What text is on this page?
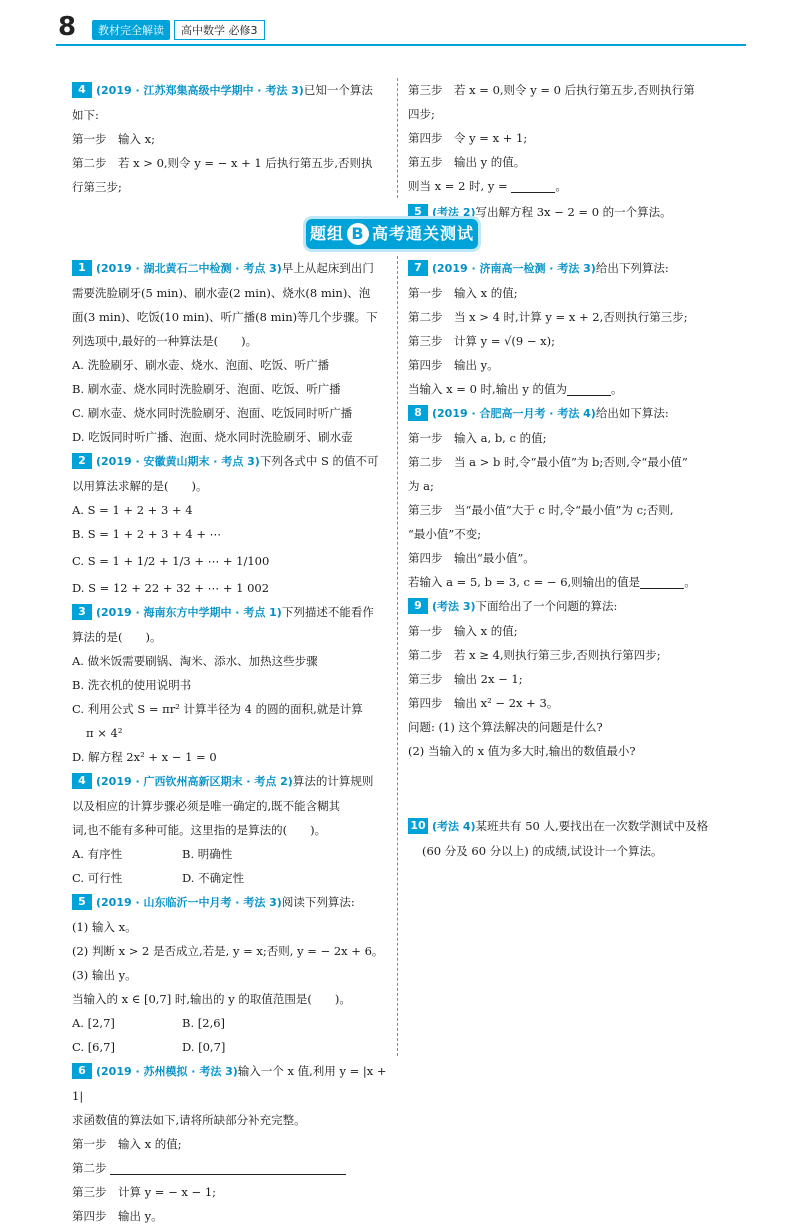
8	教材完全解读	高中数学 必修3
4 (2019 · 江苏郑集高级中学期中 · 考法 3)已知一个算法
如下:
第一步　输入 x;
第二步　若 x > 0,则令 y = − x + 1 后执行第五步,否则执
行第三步;
第三步　若 x = 0,则令 y = 0 后执行第五步,否则执行第
四步;
第四步　令 y = x + 1;
第五步　输出 y 的值。
则当 x = 2 时, y =	。
5 (考法 2)写出解方程 3x − 2 = 0 的一个算法。
题组 B 高考通关测试
1 (2019 · 湖北黄石二中检测 · 考点 3)早上从起床到出门
需要洗脸刷牙(5 min)、刷水壶(2 min)、烧水(8 min)、泡
面(3 min)、吃饭(10 min)、听广播(8 min)等几个步骤。下
列选项中,最好的一种算法是(　　)。
A. 洗脸刷牙、刷水壶、烧水、泡面、吃饭、听广播
B. 刷水壶、烧水同时洗脸刷牙、泡面、吃饭、听广播
C. 刷水壶、烧水同时洗脸刷牙、泡面、吃饭同时听广播
D. 吃饭同时听广播、泡面、烧水同时洗脸刷牙、刷水壶
2 (2019 · 安徽黄山期末 · 考点 3)下列各式中 S 的值不可
以用算法求解的是(　　)。
A. S = 1 + 2 + 3 + 4
B. S = 1 + 2 + 3 + 4 + ⋯
C. S = 1 + 1/2 + 1/3 + ⋯ + 1/100
D. S = 12 + 22 + 32 + ⋯ + 1 002
3 (2019 · 海南东方中学期中 · 考点 1)下列描述不能看作
算法的是(　　)。
A. 做米饭需要刷锅、淘米、添水、加热这些步骤
B. 洗衣机的使用说明书
C. 利用公式 S = πr² 计算半径为 4 的圆的面积,就是计算
π × 4²
D. 解方程 2x² + x − 1 = 0
4 (2019 · 广西钦州高新区期末 · 考点 2)算法的计算规则
以及相应的计算步骤必须是唯一确定的,既不能含糊其
词,也不能有多种可能。这里指的是算法的(　　)。
A. 有序性	B. 明确性
C. 可行性	D. 不确定性
5 (2019 · 山东临沂一中月考 · 考法 3)阅读下列算法:
(1) 输入 x。
(2) 判断 x > 2 是否成立,若是, y = x;否则, y = − 2x + 6。
(3) 输出 y。
当输入的 x ∈ [0,7] 时,输出的 y 的取值范围是(　　)。
A. [2,7]	B. [2,6]
C. [6,7]	D. [0,7]
6 (2019 · 苏州模拟 · 考法 3)输入一个 x 值,利用 y = |x + 1|
求函数值的算法如下,请将所缺部分补充完整。
第一步　输入 x 的值;
第二步
第三步　计算 y = − x − 1;
第四步　输出 y。
7 (2019 · 济南高一检测 · 考法 3)给出下列算法:
第一步　输入 x 的值;
第二步　当 x > 4 时,计算 y = x + 2,否则执行第三步;
第三步　计算 y = √(9 − x);
第四步　输出 y。
当输入 x = 0 时,输出 y 的值为	。
8 (2019 · 合肥高一月考 · 考法 4)给出如下算法:
第一步　输入 a, b, c 的值;
第二步　当 a > b 时,令“最小值”为 b;否则,令“最小值”
为 a;
第三步　当“最小值”大于 c 时,令“最小值”为 c;否则,
“最小值”不变;
第四步　输出“最小值”。
若输入 a = 5, b = 3, c = − 6,则输出的值是	。
9 (考法 3)下面给出了一个问题的算法:
第一步　输入 x 的值;
第二步　若 x ≥ 4,则执行第三步,否则执行第四步;
第三步　输出 2x − 1;
第四步　输出 x² − 2x + 3。
问题: (1) 这个算法解决的问题是什么?
(2) 当输入的 x 值为多大时,输出的数值最小?
10 (考法 4)某班共有 50 人,要找出在一次数学测试中及格
(60 分及 60 分以上) 的成绩,试设计一个算法。
